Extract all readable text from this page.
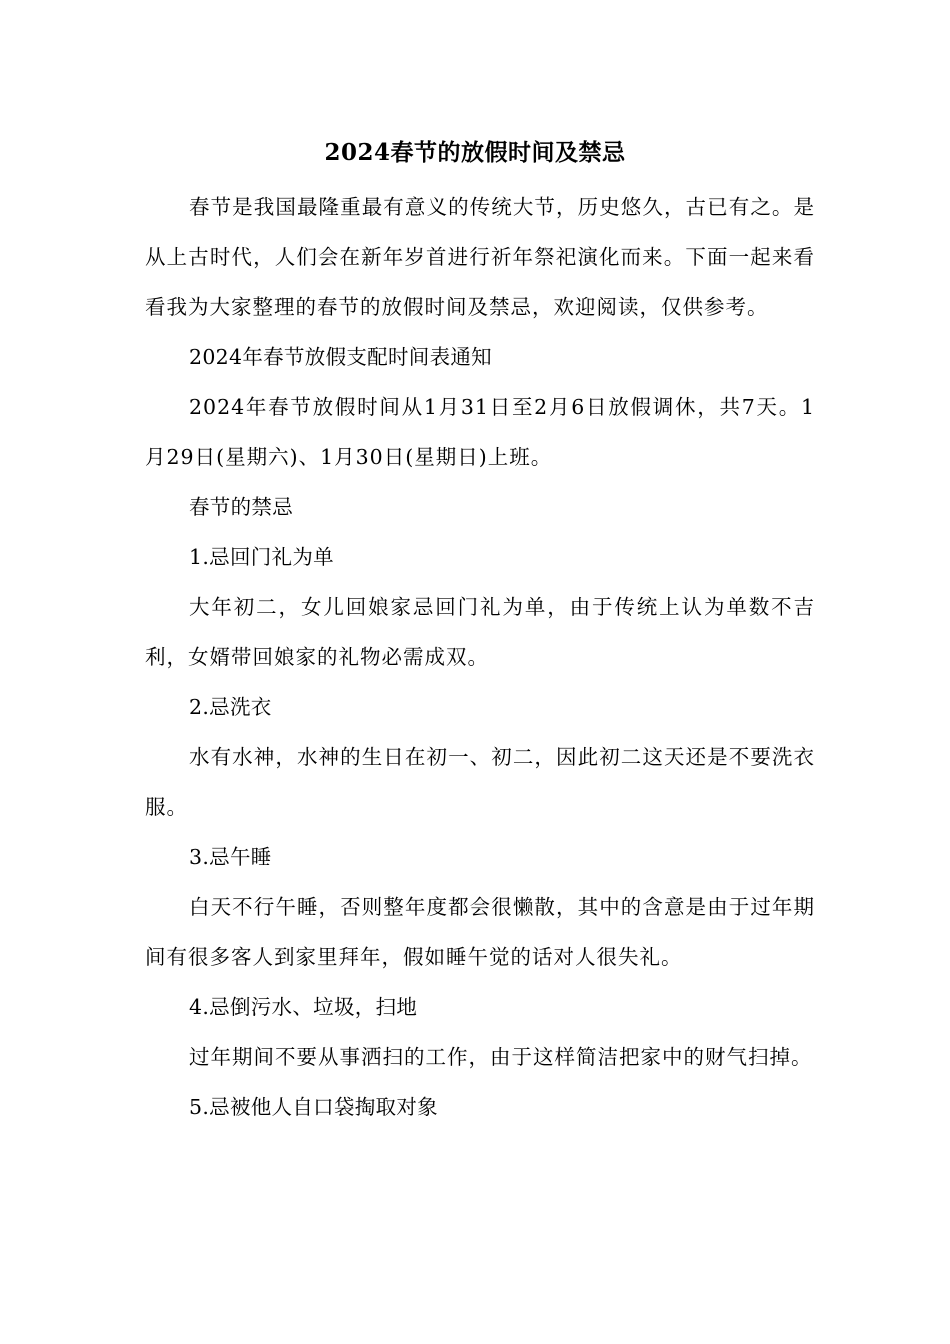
2024春节的放假时间及禁忌

春节是我国最隆重最有意义的传统大节，历史悠久，古已有之。是从上古时代，人们会在新年岁首进行祈年祭祀演化而来。下面一起来看看我为大家整理的春节的放假时间及禁忌，欢迎阅读，仅供参考。

2024年春节放假支配时间表通知

2024年春节放假时间从1月31日至2月6日放假调休，共7天。1月29日(星期六)、1月30日(星期日)上班。

春节的禁忌

1.忌回门礼为单

大年初二，女儿回娘家忌回门礼为单，由于传统上认为单数不吉利，女婿带回娘家的礼物必需成双。

2.忌洗衣

水有水神，水神的生日在初一、初二，因此初二这天还是不要洗衣服。

3.忌午睡

白天不行午睡，否则整年度都会很懒散，其中的含意是由于过年期间有很多客人到家里拜年，假如睡午觉的话对人很失礼。

4.忌倒污水、垃圾，扫地

过年期间不要从事洒扫的工作，由于这样简洁把家中的财气扫掉。

5.忌被他人自口袋掏取对象
